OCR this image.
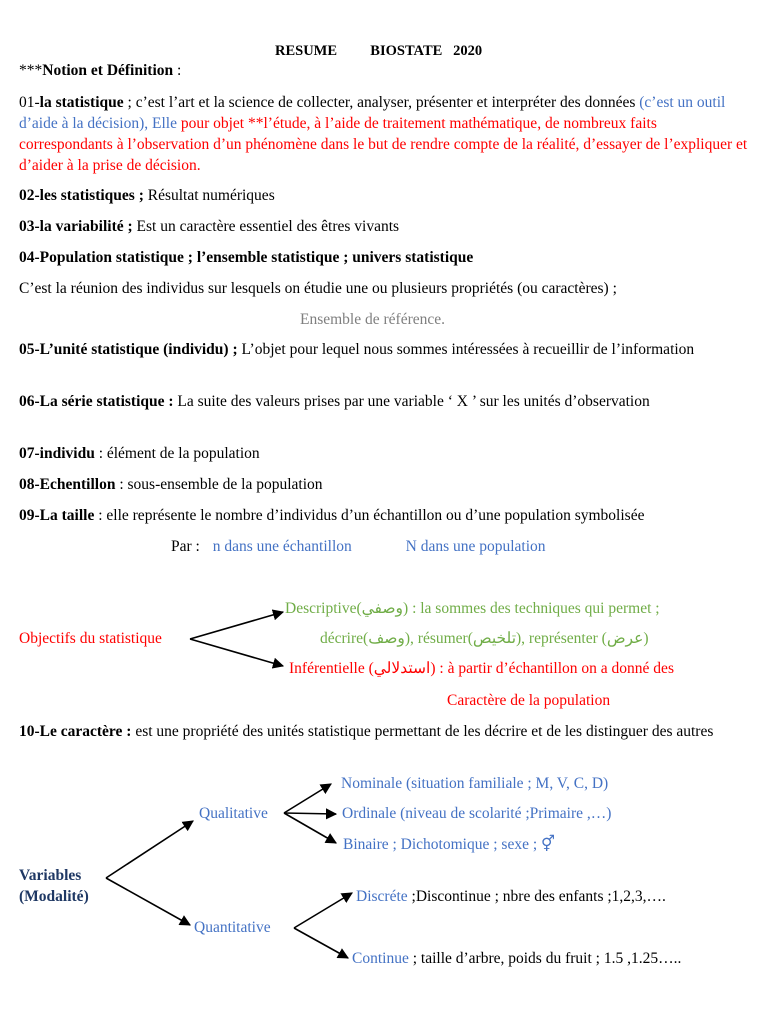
RESUME BIOSTATE   2020
***Notion et Définition :
01-la statistique ; c’est l’art et la science de collecter, analyser, présenter et interpréter des données (c’est un outil d’aide à la décision), Elle pour objet **l’étude, à l’aide de traitement mathématique, de nombreux faits correspondants à l’observation d’un phénomène dans le but de rendre compte de la réalité, d’essayer de l’expliquer et d’aider à la prise de décision.
02-les statistiques ; Résultat numériques
03-la variabilité ; Est un caractère essentiel des êtres vivants
04-Population statistique ; l’ensemble statistique ; univers statistique
C’est la réunion des individus sur lesquels on étudie une ou plusieurs propriétés (ou caractères) ;
Ensemble de référence.
05-L’unité statistique (individu) ; L’objet pour lequel nous sommes intéressées à recueillir de l’information
06-La série statistique : La suite des valeurs prises par une variable ‘ X ’ sur les unités d’observation
07-individu : élément de la population
08-Echentillon : sous-ensemble de la population
09-La taille : elle représente le nombre d’individus d’un échantillon ou d’une population symbolisée
Par : n dans une échantillon	N dans une population
Objectifs du statistique
Descriptive(وصفي) : la sommes des techniques qui permet ;
décrire(وصف), résumer(تلخيص), représenter (عرض)
Inférentielle (استدلالي) : à partir d’échantillon on a donné des
Caractère de la population
10-Le caractère : est une propriété des unités statistique permettant de les décrire et de les distinguer des autres
Variables
(Modalité)
Qualitative
Nominale (situation familiale ; M, V, C, D)
Ordinale (niveau de scolarité ;Primaire ,…)
Binaire ; Dichotomique ; sexe ; ⚥
Quantitative
Discréte ;Discontinue ; nbre des enfants ;1,2,3,….
Continue ; taille d’arbre, poids du fruit ; 1.5 ,1.25…..
